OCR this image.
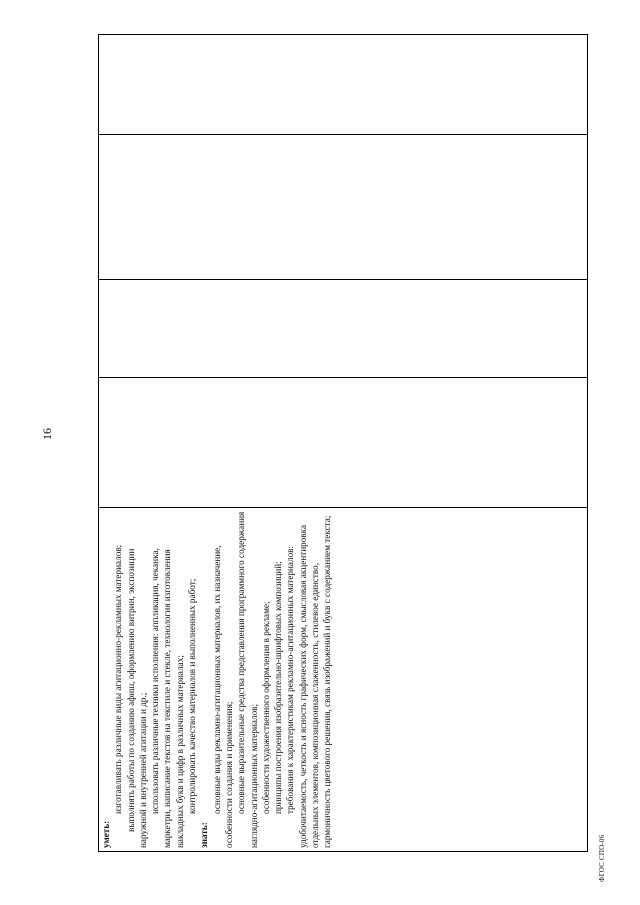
16
ФГОС СПО-06

уметь:

изготавливать различные виды агитационно-рекламных материалов; выполнять работы по созданию афиш, оформлению витрин, экспозиции наружной и внутренней агитации и др.; использовать различные техники исполнения: аппликация, чеканка, маркетри, написание текстов на текстиле и стекле, технология изготовления накладных букв и цифр в различных материалах; контролировать качество материалов и выполненных работ;

знать:

основные виды рекламно-агитационных материалов, их назначение, особенности создания и применения; основные выразительные средства представления программного содержания наглядно-агитационных материалов; особенности художественного оформления в рекламе; принципы построения изобразительно-шрифтовых композиций; требования к характеристикам рекламно-агитационных материалов: удобочитаемость, четкость и ясность графических форм, смысловая акцентировка отдельных элементов, композиционная слаженность, стилевое единство, гармоничность цветового решения, связь изображений и букв с содержанием текста;
